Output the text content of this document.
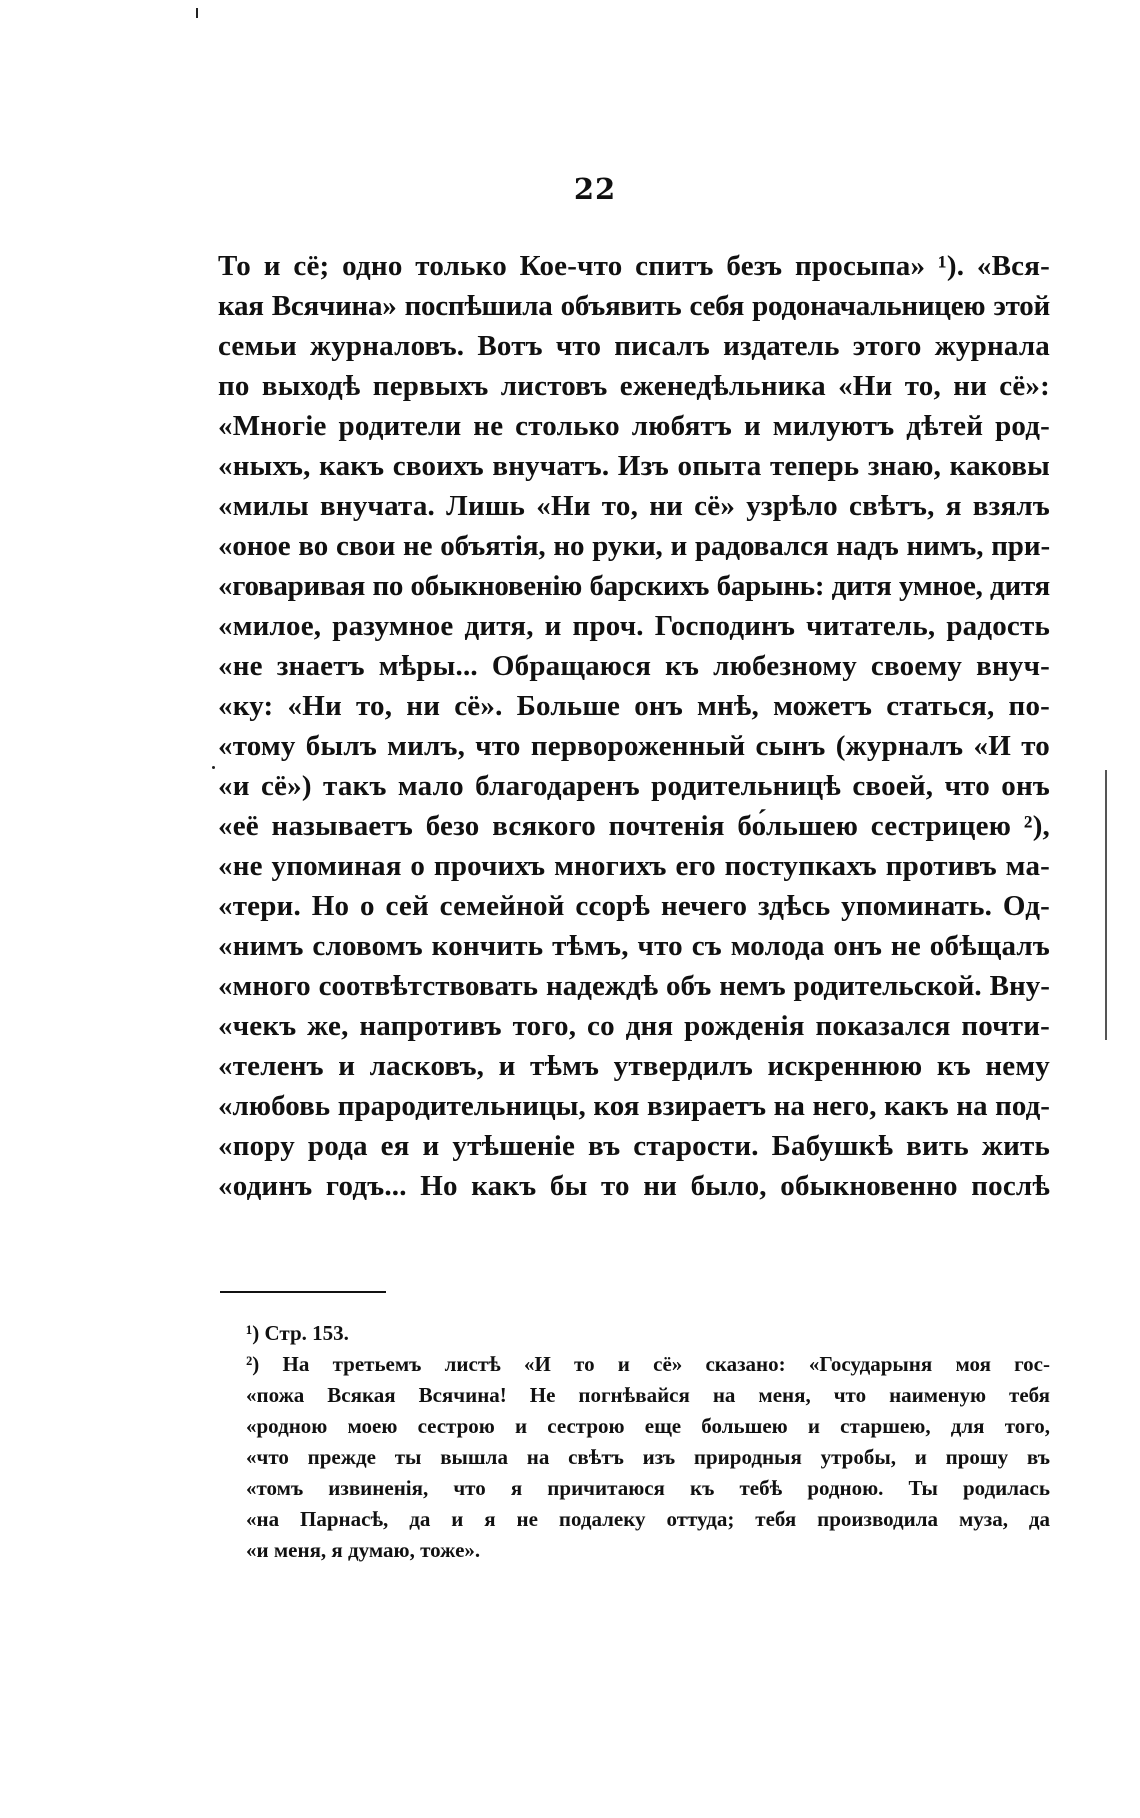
22
То и сё; одно только Кое-что спитъ безъ просыпа» ¹). «Вся-
кая Всячина» поспѣшила объявить себя родоначальницею этой
семьи журналовъ. Вотъ что писалъ издатель этого журнала
по выходѣ первыхъ листовъ еженедѣльника «Ни то, ни сё»:
«Многіе родители не столько любятъ и милуютъ дѣтей род-
«ныхъ, какъ своихъ внучатъ. Изъ опыта теперь знаю, каковы
«милы внучата. Лишь «Ни то, ни сё» узрѣло свѣтъ, я взялъ
«оное во свои не объятія, но руки, и радовался надъ нимъ, при-
«говаривая по обыкновенію барскихъ барынь: дитя умное, дитя
«милое, разумное дитя, и проч. Господинъ читатель, радость
«не знаетъ мѣры... Обращаюся къ любезному своему внуч-
«ку: «Ни то, ни сё». Больше онъ мнѣ, можетъ статься, по-
«тому былъ милъ, что первороженный сынъ (журналъ «И то
«и сё») такъ мало благодаренъ родительницѣ своей, что онъ
«её называетъ безо всякого почтенія бо́льшею сестрицею ²),
«не упоминая о прочихъ многихъ его поступкахъ противъ ма-
«тери. Но о сей семейной ссорѣ нечего здѣсь упоминать. Од-
«нимъ словомъ кончить тѣмъ, что съ молода онъ не обѣщалъ
«много соотвѣтствовать надеждѣ объ немъ родительской. Вну-
«чекъ же, напротивъ того, со дня рожденія показался почти-
«теленъ и ласковъ, и тѣмъ утвердилъ искреннюю къ нему
«любовь прародительницы, коя взираетъ на него, какъ на под-
«пору рода ея и утѣшеніе въ старости. Бабушкѣ вить жить
«одинъ годъ... Но какъ бы то ни было, обыкновенно послѣ
¹) Стр. 153.
²) На третьемъ листѣ «И то и сё» сказано: «Государыня моя гос-
«пожа Всякая Всячина! Не погнѣвайся на меня, что наименую тебя
«родною моею сестрою и сестрою еще большею и старшею, для того,
«что прежде ты вышла на свѣтъ изъ природныя утробы, и прошу въ
«томъ извиненія, что я причитаюся къ тебѣ родною. Ты родилась
«на Парнасѣ, да и я не подалеку оттуда; тебя производила муза, да
«и меня, я думаю, тоже».
